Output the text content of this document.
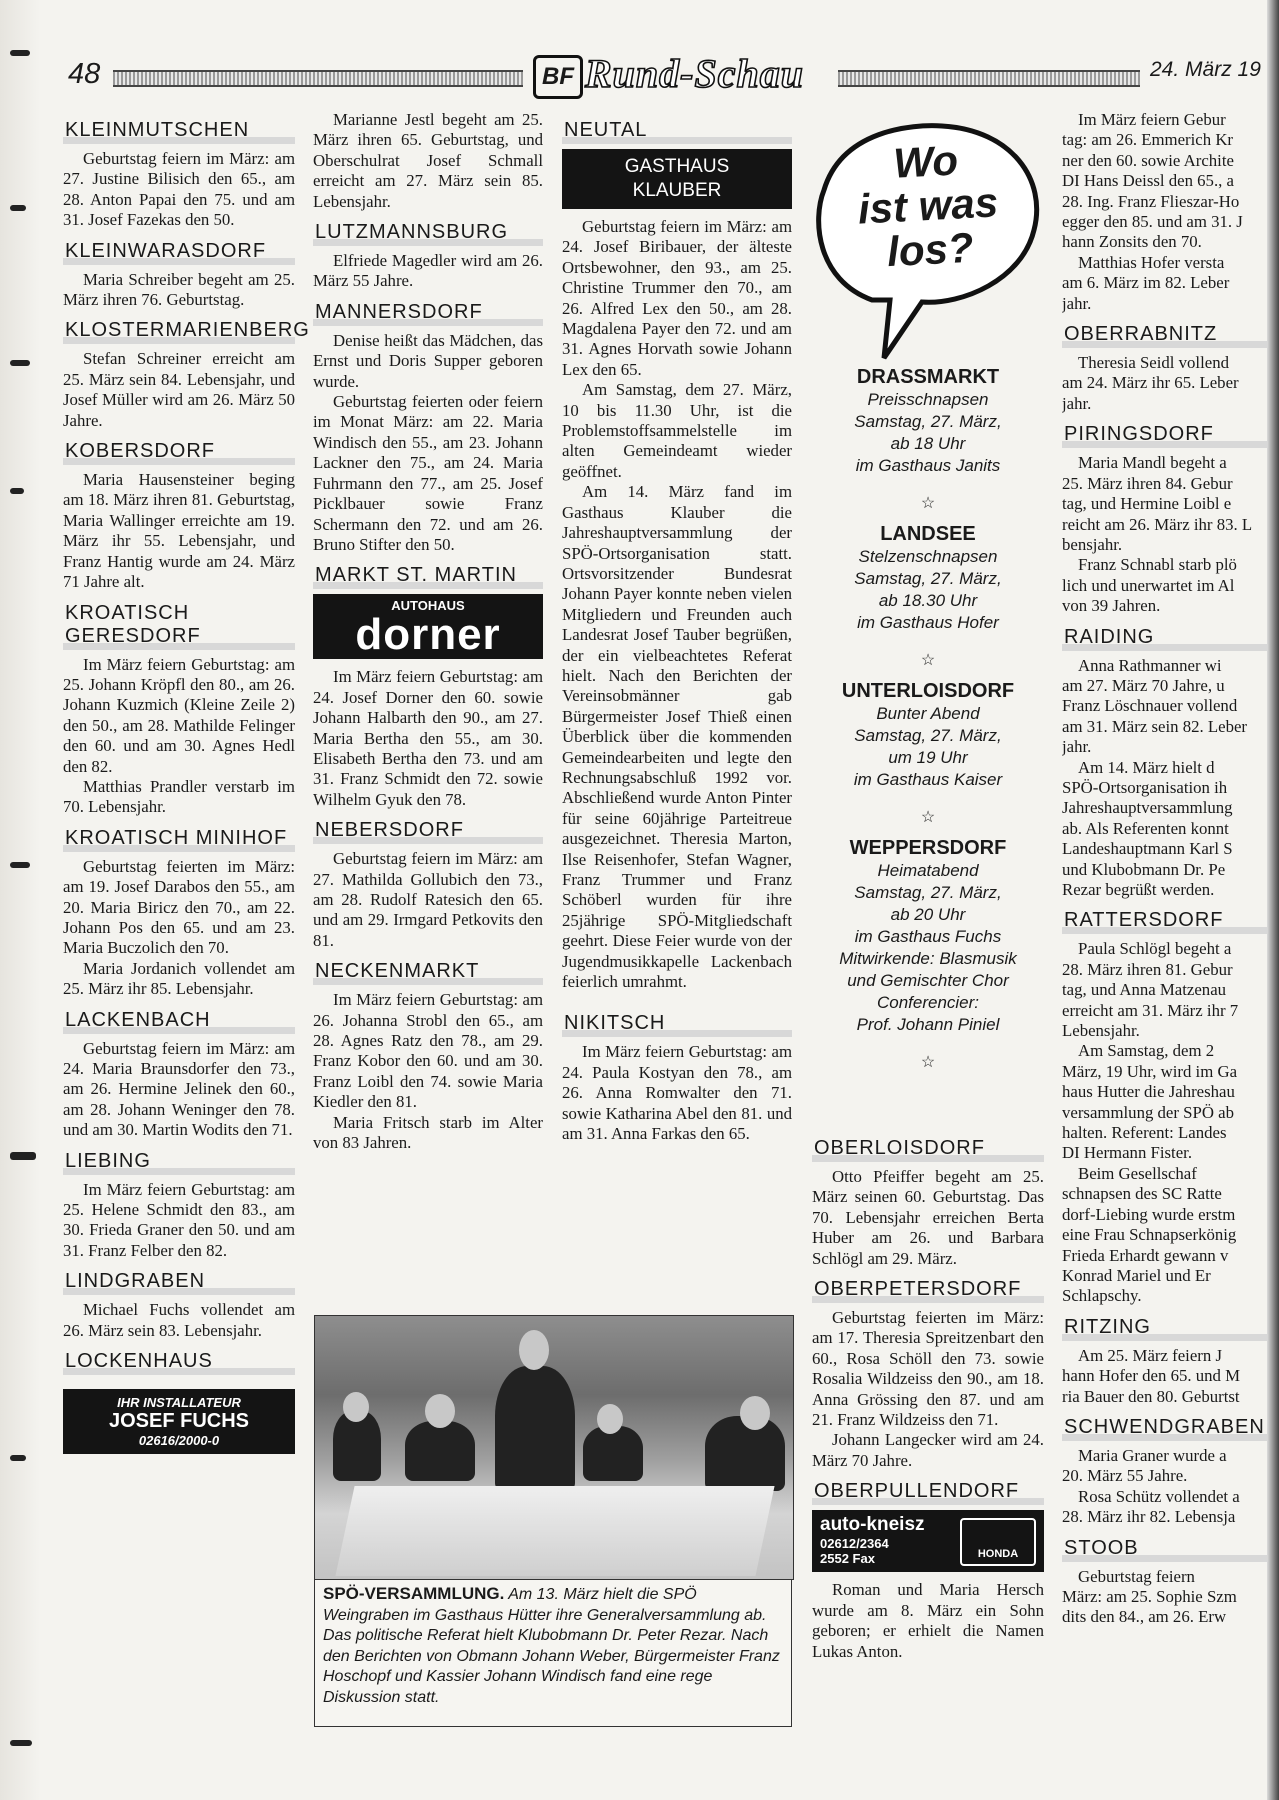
48	BF Rund-Schau	24. März 19
KLEINMUTSCHEN

Geburtstag feiern im März: am 27. Justine Bilisich den 65., am 28. Anton Papai den 75. und am 31. Josef Fazekas den 50.

KLEINWARASDORF

Maria Schreiber begeht am 25. März ihren 76. Geburtstag.

KLOSTERMARIENBERG

Stefan Schreiner erreicht am 25. März sein 84. Lebensjahr, und Josef Müller wird am 26. März 50 Jahre.

KOBERSDORF

Maria Hausensteiner beging am 18. März ihren 81. Geburtstag, Maria Wallinger erreichte am 19. März ihr 55. Lebensjahr, und Franz Hantig wurde am 24. März 71 Jahre alt.

KROATISCH GERESDORF

Im März feiern Geburtstag: am 25. Johann Kröpfl den 80., am 26. Johann Kuzmich (Kleine Zeile 2) den 50., am 28. Mathilde Felinger den 60. und am 30. Agnes Hedl den 82.

Matthias Prandler verstarb im 70. Lebensjahr.

KROATISCH MINIHOF

Geburtstag feierten im März: am 19. Josef Darabos den 55., am 20. Maria Biricz den 70., am 22. Johann Pos den 65. und am 23. Maria Buczolich den 70.

Maria Jordanich vollendet am 25. März ihr 85. Lebensjahr.

LACKENBACH

Geburtstag feiern im März: am 24. Maria Braunsdorfer den 73., am 26. Hermine Jelinek den 60., am 28. Johann Weninger den 78. und am 30. Martin Wodits den 71.

LIEBING

Im März feiern Geburtstag: am 25. Helene Schmidt den 83., am 30. Frieda Graner den 50. und am 31. Franz Felber den 82.

LINDGRABEN

Michael Fuchs vollendet am 26. März sein 83. Lebensjahr.

LOCKENHAUS
IHR INSTALLATEUR
JOSEF FUCHS
02616/2000-0

Marianne Jestl begeht am 25. März ihren 65. Geburtstag, und Oberschulrat Josef Schmall erreicht am 27. März sein 85. Lebensjahr.

LUTZMANNSBURG

Elfriede Magedler wird am 26. März 55 Jahre.

MANNERSDORF

Denise heißt das Mädchen, das Ernst und Doris Supper geboren wurde.

Geburtstag feierten oder feiern im Monat März: am 22. Maria Windisch den 55., am 23. Johann Lackner den 75., am 24. Maria Fuhrmann den 77., am 25. Josef Picklbauer sowie Franz Schermann den 72. und am 26. Bruno Stifter den 50.

MARKT ST. MARTIN
AUTOHAUS
dorner

Im März feiern Geburtstag: am 24. Josef Dorner den 60. sowie Johann Halbarth den 90., am 27. Maria Bertha den 55., am 30. Elisabeth Bertha den 73. und am 31. Franz Schmidt den 72. sowie Wilhelm Gyuk den 78.

NEBERSDORF

Geburtstag feiern im März: am 27. Mathilda Gollubich den 73., am 28. Rudolf Ratesich den 65. und am 29. Irmgard Petkovits den 81.

NECKENMARKT

Im März feiern Geburtstag: am 26. Johanna Strobl den 65., am 28. Agnes Ratz den 78., am 29. Franz Kobor den 60. und am 30. Franz Loibl den 74. sowie Maria Kiedler den 81.

Maria Fritsch starb im Alter von 83 Jahren.

NEUTAL
GASTHAUS
KLAUBER

Geburtstag feiern im März: am 24. Josef Biribauer, der älteste Ortsbewohner, den 93., am 25. Christine Trummer den 70., am 26. Alfred Lex den 50., am 28. Magdalena Payer den 72. und am 31. Agnes Horvath sowie Johann Lex den 65.

Am Samstag, dem 27. März, 10 bis 11.30 Uhr, ist die Problemstoffsammelstelle im alten Gemeindeamt wieder geöffnet.

Am 14. März fand im Gasthaus Klauber die Jahreshauptversammlung der SPÖ-Ortsorganisation statt. Ortsvorsitzender Bundesrat Johann Payer konnte neben vielen Mitgliedern und Freunden auch Landesrat Josef Tauber begrüßen, der ein vielbeachtetes Referat hielt. Nach den Berichten der Vereinsobmänner gab Bürgermeister Josef Thieß einen Überblick über die kommenden Gemeindearbeiten und legte den Rechnungsabschluß 1992 vor. Abschließend wurde Anton Pinter für seine 60jährige Parteitreue ausgezeichnet. Theresia Marton, Ilse Reisenhofer, Stefan Wagner, Franz Trummer und Franz Schöberl wurden für ihre 25jährige SPÖ-Mitgliedschaft geehrt. Diese Feier wurde von der Jugendmusikkapelle Lackenbach feierlich umrahmt.

NIKITSCH

Im März feiern Geburtstag: am 24. Paula Kostyan den 78., am 26. Anna Romwalter den 71. sowie Katharina Abel den 81. und am 31. Anna Farkas den 65.

SPÖ-VERSAMMLUNG. Am 13. März hielt die SPÖ Weingraben im Gasthaus Hütter ihre Generalversammlung ab. Das politische Referat hielt Klubobmann Dr. Peter Rezar. Nach den Berichten von Obmann Johann Weber, Bürgermeister Franz Hoschopf und Kassier Johann Windisch fand eine rege Diskussion statt.
Wo
ist was
los?
DRASSMARKT
Preisschnapsen
Samstag, 27. März,
ab 18 Uhr
im Gasthaus Janits
☆
LANDSEE
Stelzenschnapsen
Samstag, 27. März,
ab 18.30 Uhr
im Gasthaus Hofer
☆
UNTERLOISDORF
Bunter Abend
Samstag, 27. März,
um 19 Uhr
im Gasthaus Kaiser
☆
WEPPERSDORF
Heimatabend
Samstag, 27. März,
ab 20 Uhr
im Gasthaus Fuchs
Mitwirkende: Blasmusik
und Gemischter Chor
Conferencier:
Prof. Johann Piniel
☆
OBERLOISDORF

Otto Pfeiffer begeht am 25. März seinen 60. Geburtstag. Das 70. Lebensjahr erreichen Berta Huber am 26. und Barbara Schlögl am 29. März.

OBERPETERSDORF

Geburtstag feierten im März: am 17. Theresia Spreitzenbart den 60., Rosa Schöll den 73. sowie Rosalia Wildzeiss den 90., am 18. Anna Grössing den 87. und am 21. Franz Wildzeiss den 71.

Johann Langecker wird am 24. März 70 Jahre.

OBERPULLENDORF
auto-kneisz
02612/2364
2552 Fax	HONDA

Roman und Maria Hersch wurde am 8. März ein Sohn geboren; er erhielt die Namen Lukas Anton.

Im März feiern Gebur

tag: am 26. Emmerich Kr

ner den 60. sowie Archite

DI Hans Deissl den 65., a

28. Ing. Franz Flieszar-Ho

egger den 85. und am 31. J

hann Zonsits den 70.

Matthias Hofer versta

am 6. März im 82. Leber

jahr.

OBERRABNITZ

Theresia Seidl vollend

am 24. März ihr 65. Leber

jahr.

PIRINGSDORF

Maria Mandl begeht a

25. März ihren 84. Gebur

tag, und Hermine Loibl e

reicht am 26. März ihr 83. L

bensjahr.

Franz Schnabl starb plö

lich und unerwartet im Al

von 39 Jahren.

RAIDING

Anna Rathmanner wi

am 27. März 70 Jahre, u

Franz Löschnauer vollend

am 31. März sein 82. Leber

jahr.

Am 14. März hielt d

SPÖ-Ortsorganisation ih

Jahreshauptversammlung

ab. Als Referenten konnt

Landeshauptmann Karl S

und Klubobmann Dr. Pe

Rezar begrüßt werden.

RATTERSDORF

Paula Schlögl begeht a

28. März ihren 81. Gebur

tag, und Anna Matzenau

erreicht am 31. März ihr 7

Lebensjahr.

Am Samstag, dem 2

März, 19 Uhr, wird im Ga

haus Hutter die Jahreshau

versammlung der SPÖ ab

halten. Referent: Landes

DI Hermann Fister.

Beim Gesellschaf

schnapsen des SC Ratte

dorf-Liebing wurde erstm

eine Frau Schnapserkönig

Frieda Erhardt gewann v

Konrad Mariel und Er

Schlapschy.

RITZING

Am 25. März feiern J

hann Hofer den 65. und M

ria Bauer den 80. Geburtst

SCHWENDGRABEN

Maria Graner wurde a

20. März 55 Jahre.

Rosa Schütz vollendet a

28. März ihr 82. Lebensja

STOOB

Geburtstag feiern

März: am 25. Sophie Szm

dits den 84., am 26. Erw
